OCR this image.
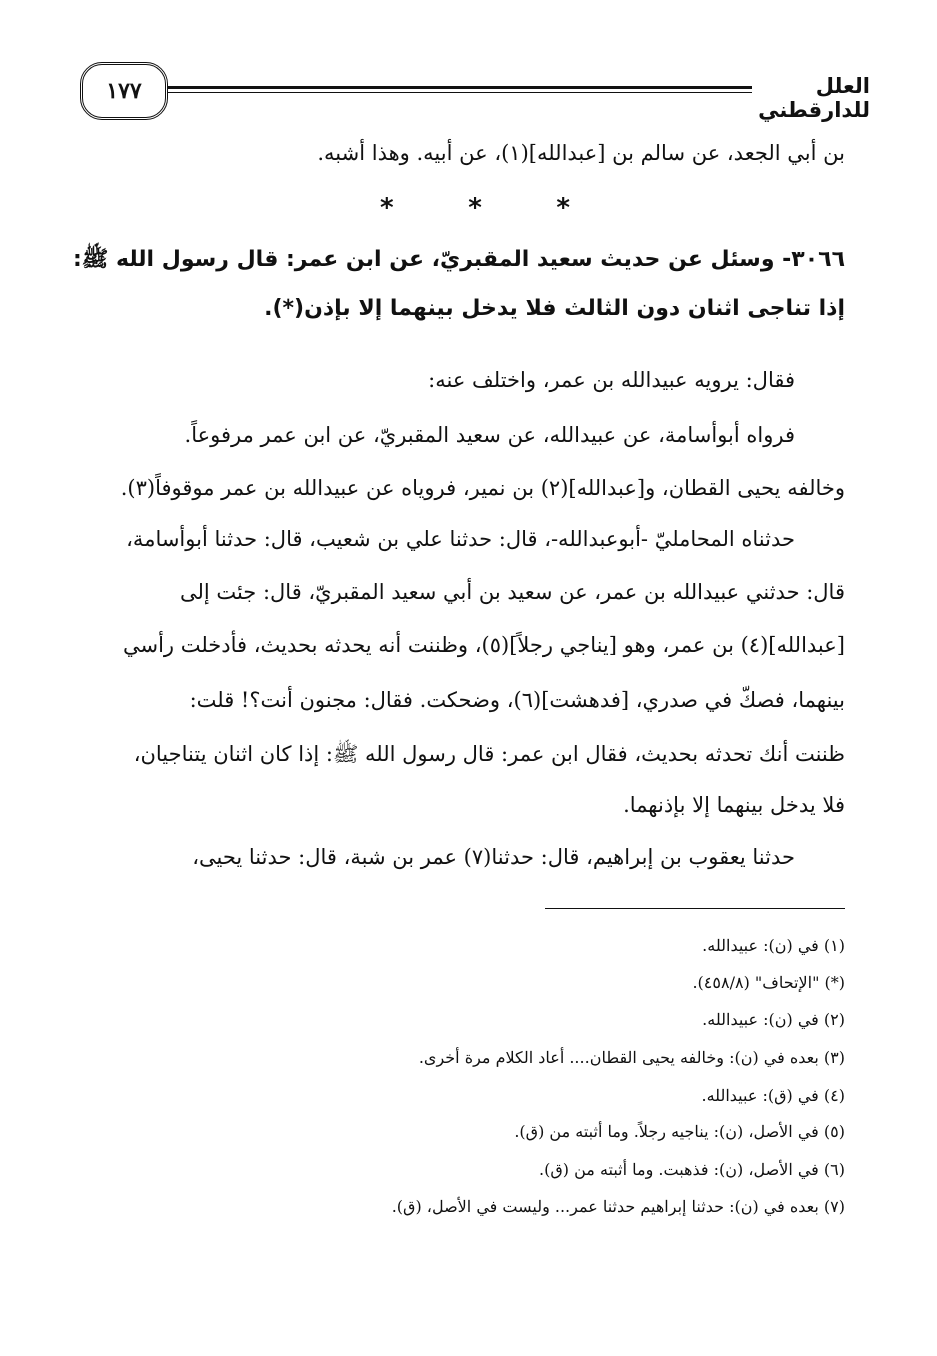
١٧٧	العلل للدارقطني
بن أبي الجعد، عن سالم بن [عبدالله](١)، عن أبيه. وهذا أشبه.
*	*	*
٣٠٦٦- وسئل عن حديث سعيد المقبريّ، عن ابن عمر: قال رسول الله ﷺ:
إذا تناجى اثنان دون الثالث فلا يدخل بينهما إلا بإذن(*).
فقال: يرويه عبيدالله بن عمر، واختلف عنه:
فرواه أبوأسامة، عن عبيدالله، عن سعيد المقبريّ، عن ابن عمر مرفوعاً.
وخالفه يحيى القطان، و[عبدالله](٢) بن نمير، فروياه عن عبيدالله بن عمر موقوفاً(٣).
حدثناه المحامليّ -أبوعبدالله-، قال: حدثنا علي بن شعيب، قال: حدثنا أبوأسامة،
قال: حدثني عبيدالله بن عمر، عن سعيد بن أبي سعيد المقبريّ، قال: جئت إلى
[عبدالله](٤) بن عمر، وهو [يناجي رجلاً](٥)، وظننت أنه يحدثه بحديث، فأدخلت رأسي
بينهما، فصكّ في صدري، [فدهشت](٦)، وضحكت. فقال: مجنون أنت؟! قلت:
ظننت أنك تحدثه بحديث، فقال ابن عمر: قال رسول الله ﷺ: إذا كان اثنان يتناجيان،
فلا يدخل بينهما إلا بإذنهما.
حدثنا يعقوب بن إبراهيم، قال: حدثنا(٧) عمر بن شبة، قال: حدثنا يحيى،
(١) في (ن): عبيدالله.
(*) "الإتحاف" (٤٥٨/٨).
(٢) في (ن): عبيدالله.
(٣) بعده في (ن): وخالفه يحيى القطان.... أعاد الكلام مرة أخرى.
(٤) في (ق): عبيدالله.
(٥) في الأصل، (ن): يناجيه رجلاً. وما أثبته من (ق).
(٦) في الأصل، (ن): فذهبت. وما أثبته من (ق).
(٧) بعده في (ن): حدثنا إبراهيم حدثنا عمر... وليست في الأصل، (ق).
